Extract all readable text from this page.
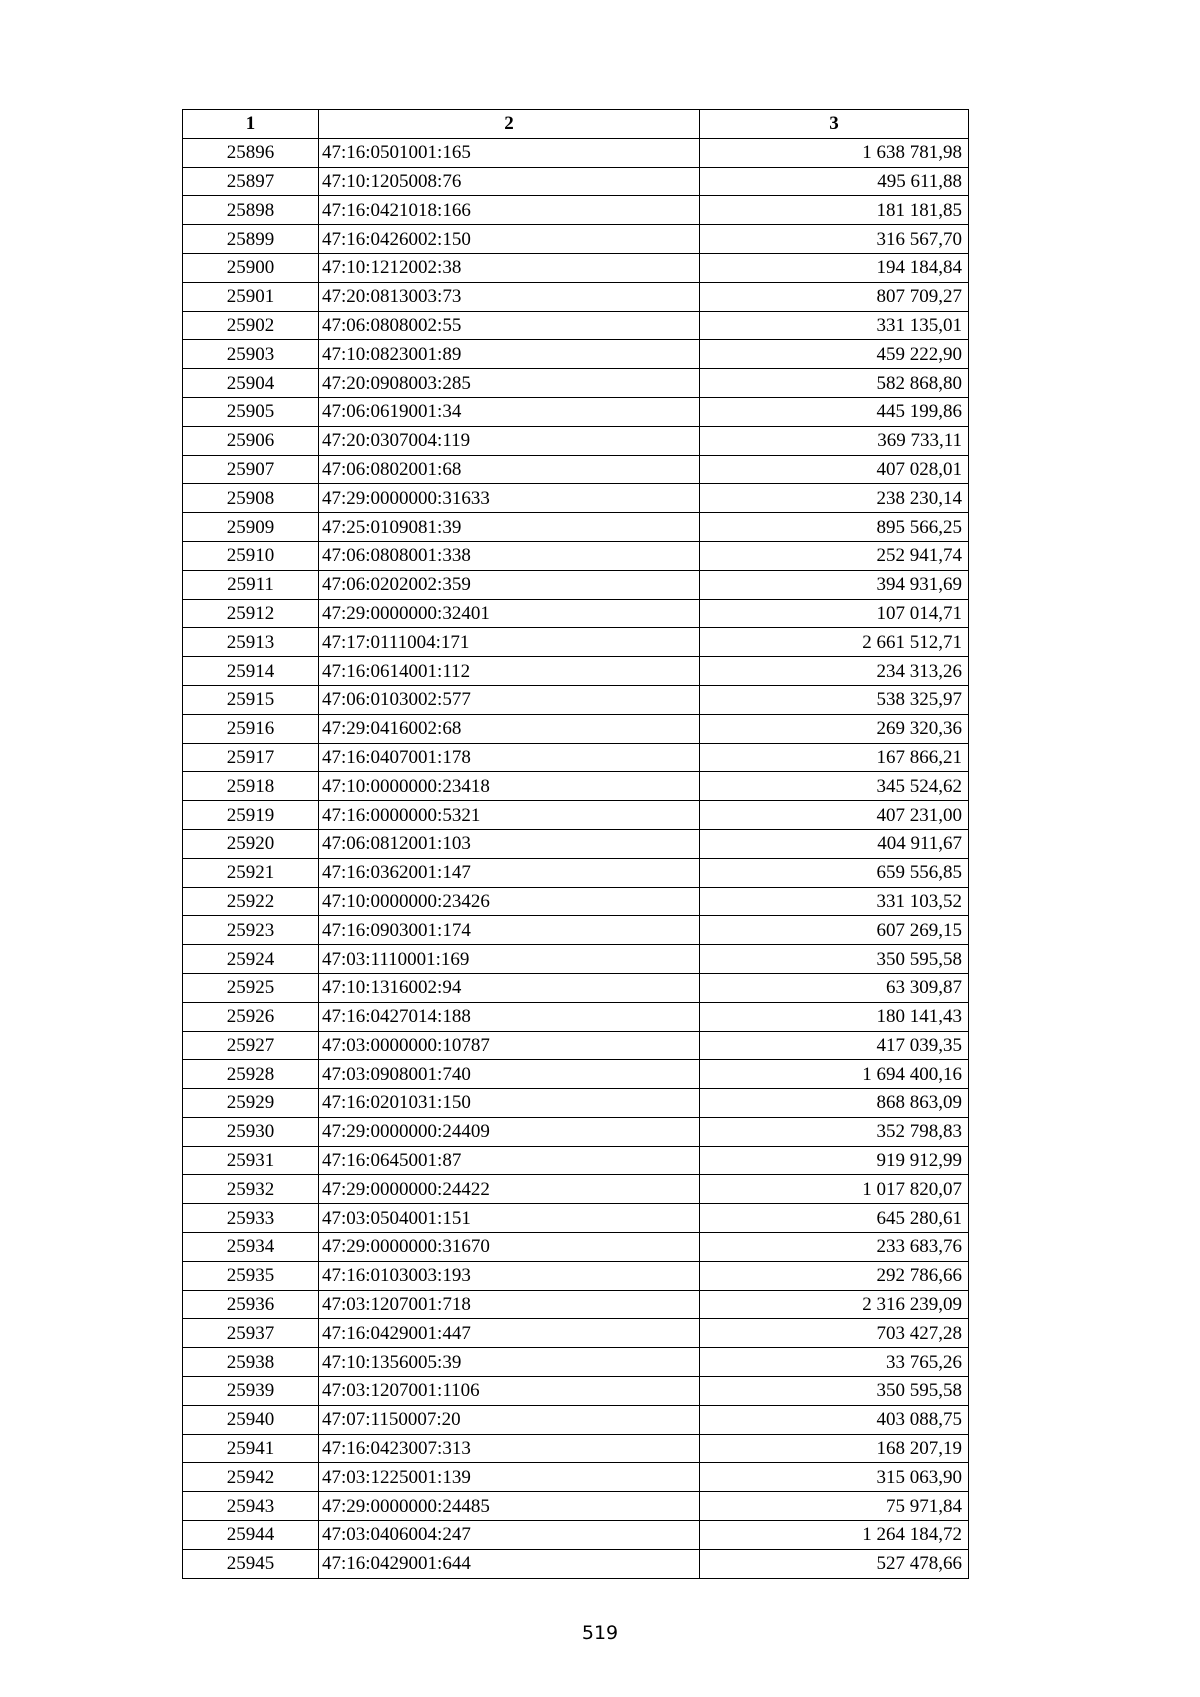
1	2	3
25896	47:16:0501001:165	1 638 781,98
25897	47:10:1205008:76	495 611,88
25898	47:16:0421018:166	181 181,85
25899	47:16:0426002:150	316 567,70
25900	47:10:1212002:38	194 184,84
25901	47:20:0813003:73	807 709,27
25902	47:06:0808002:55	331 135,01
25903	47:10:0823001:89	459 222,90
25904	47:20:0908003:285	582 868,80
25905	47:06:0619001:34	445 199,86
25906	47:20:0307004:119	369 733,11
25907	47:06:0802001:68	407 028,01
25908	47:29:0000000:31633	238 230,14
25909	47:25:0109081:39	895 566,25
25910	47:06:0808001:338	252 941,74
25911	47:06:0202002:359	394 931,69
25912	47:29:0000000:32401	107 014,71
25913	47:17:0111004:171	2 661 512,71
25914	47:16:0614001:112	234 313,26
25915	47:06:0103002:577	538 325,97
25916	47:29:0416002:68	269 320,36
25917	47:16:0407001:178	167 866,21
25918	47:10:0000000:23418	345 524,62
25919	47:16:0000000:5321	407 231,00
25920	47:06:0812001:103	404 911,67
25921	47:16:0362001:147	659 556,85
25922	47:10:0000000:23426	331 103,52
25923	47:16:0903001:174	607 269,15
25924	47:03:1110001:169	350 595,58
25925	47:10:1316002:94	63 309,87
25926	47:16:0427014:188	180 141,43
25927	47:03:0000000:10787	417 039,35
25928	47:03:0908001:740	1 694 400,16
25929	47:16:0201031:150	868 863,09
25930	47:29:0000000:24409	352 798,83
25931	47:16:0645001:87	919 912,99
25932	47:29:0000000:24422	1 017 820,07
25933	47:03:0504001:151	645 280,61
25934	47:29:0000000:31670	233 683,76
25935	47:16:0103003:193	292 786,66
25936	47:03:1207001:718	2 316 239,09
25937	47:16:0429001:447	703 427,28
25938	47:10:1356005:39	33 765,26
25939	47:03:1207001:1106	350 595,58
25940	47:07:1150007:20	403 088,75
25941	47:16:0423007:313	168 207,19
25942	47:03:1225001:139	315 063,90
25943	47:29:0000000:24485	75 971,84
25944	47:03:0406004:247	1 264 184,72
25945	47:16:0429001:644	527 478,66
519
